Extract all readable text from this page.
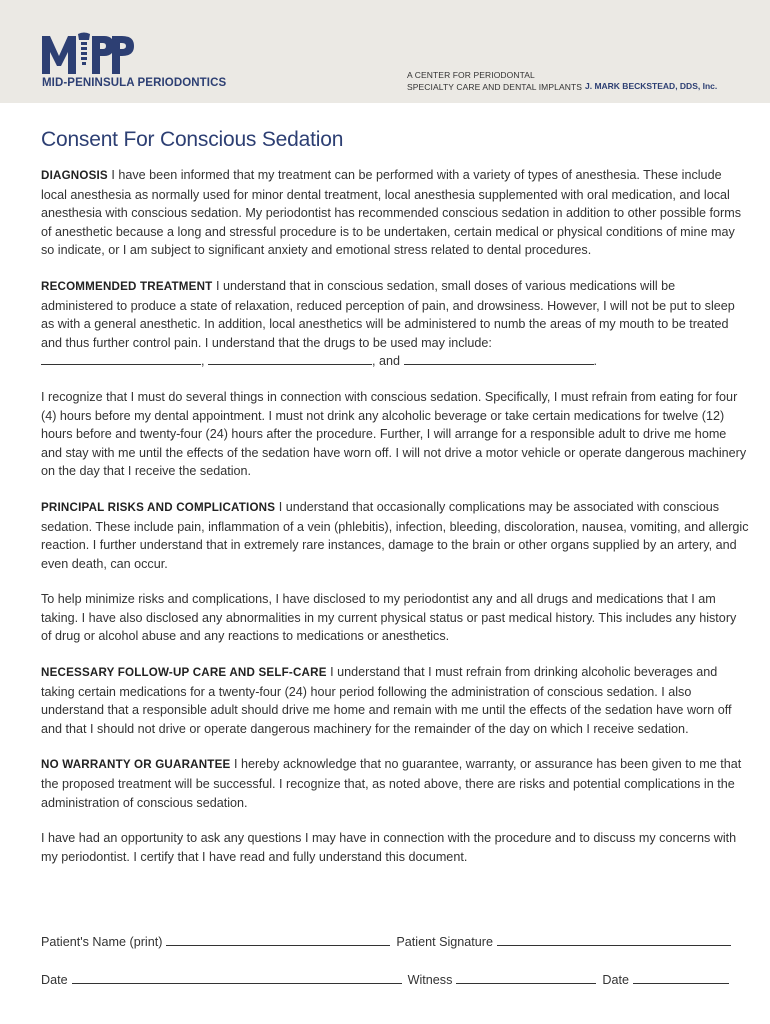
MID-PENINSULA PERIODONTICS
A CENTER FOR PERIODONTAL
SPECIALTY CARE AND DENTAL IMPLANTS J. MARK BECKSTEAD, DDS, Inc.
Consent For Conscious Sedation

DIAGNOSIS I have been informed that my treatment can be performed with a variety of types of anesthesia. These include local anesthesia as normally used for minor dental treatment, local anesthesia supplemented with oral medication, and local anesthesia with conscious sedation. My periodontist has recommended conscious sedation in addition to other possible forms of anesthetic because a long and stressful procedure is to be undertaken, certain medical or physical conditions of mine may so indicate, or I am subject to significant anxiety and emotional stress related to dental procedures.

RECOMMENDED TREATMENT I understand that in conscious sedation, small doses of various medications will be administered to produce a state of relaxation, reduced perception of pain, and drowsiness. However, I will not be put to sleep as with a general anesthetic. In addition, local anesthetics will be administered to numb the areas of my mouth to be treated and thus further control pain. I understand that the drugs to be used may include:
,	, and	.

I recognize that I must do several things in connection with conscious sedation. Specifically, I must refrain from eating for four (4) hours before my dental appointment. I must not drink any alcoholic beverage or take certain medications for twelve (12) hours before and twenty-four (24) hours after the procedure. Further, I will arrange for a responsible adult to drive me home and stay with me until the effects of the sedation have worn off. I will not drive a motor vehicle or operate dangerous machinery on the day that I receive the sedation.

PRINCIPAL RISKS AND COMPLICATIONS I understand that occasionally complications may be associated with conscious sedation. These include pain, inflammation of a vein (phlebitis), infection, bleeding, discoloration, nausea, vomiting, and allergic reaction. I further understand that in extremely rare instances, damage to the brain or other organs supplied by an artery, and even death, can occur.

To help minimize risks and complications, I have disclosed to my periodontist any and all drugs and medications that I am taking. I have also disclosed any abnormalities in my current physical status or past medical history. This includes any history of drug or alcohol abuse and any reactions to medications or anesthetics.

NECESSARY FOLLOW-UP CARE AND SELF-CARE I understand that I must refrain from drinking alcoholic beverages and taking certain medications for a twenty-four (24) hour period following the administration of conscious sedation. I also understand that a responsible adult should drive me home and remain with me until the effects of the sedation have worn off and that I should not drive or operate dangerous machinery for the remainder of the day on which I receive sedation.

NO WARRANTY OR GUARANTEE I hereby acknowledge that no guarantee, warranty, or assurance has been given to me that the proposed treatment will be successful. I recognize that, as noted above, there are risks and potential complications in the administration of conscious sedation.

I have had an opportunity to ask any questions I may have in connection with the procedure and to discuss my concerns with my periodontist. I certify that I have read and fully understand this document.

Patient's Name (print)	Patient Signature
Date	Witness	Date
